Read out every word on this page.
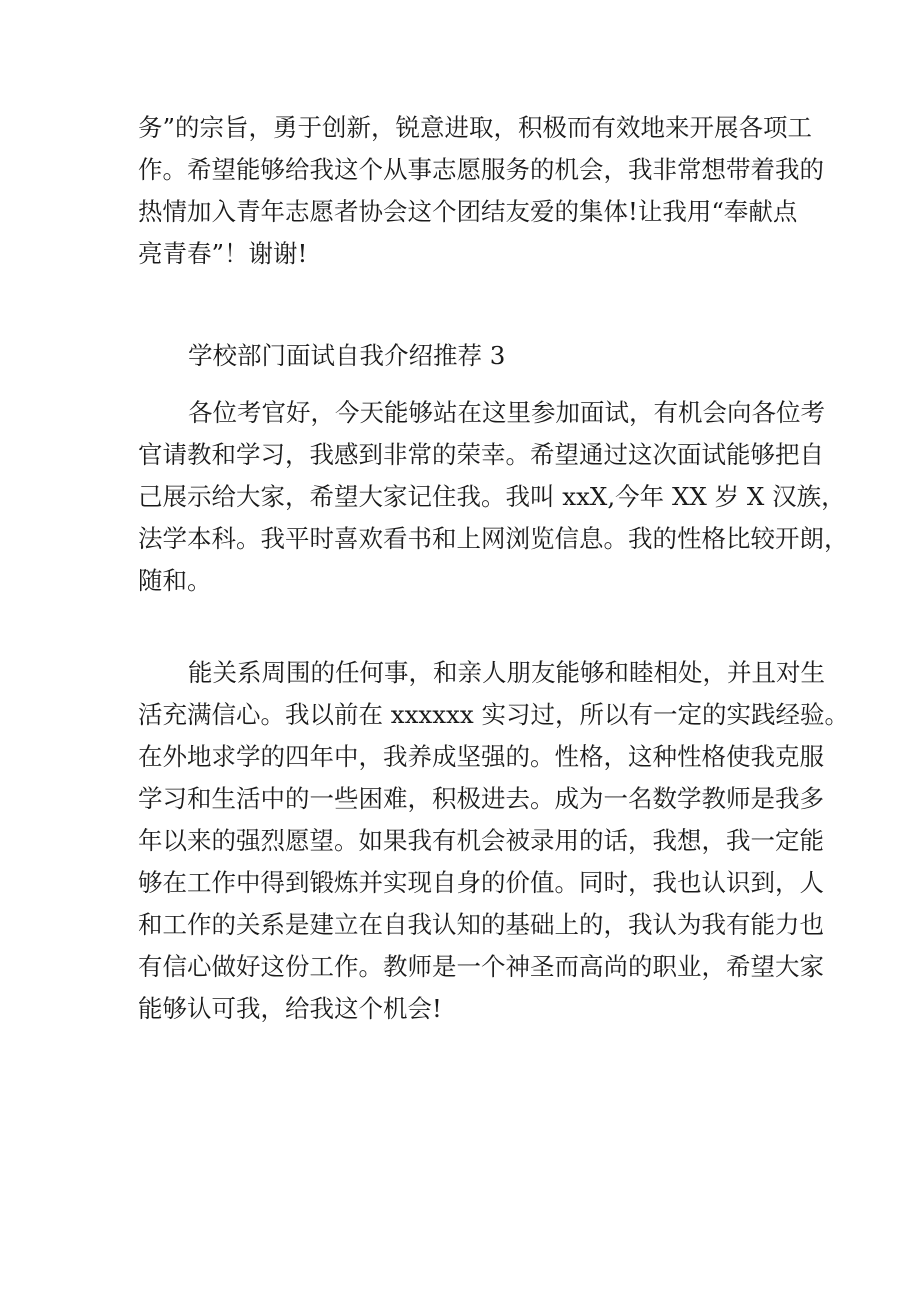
务”的宗旨，勇于创新，锐意进取，积极而有效地来开展各项工
作。希望能够给我这个从事志愿服务的机会，我非常想带着我的
热情加入青年志愿者协会这个团结友爱的集体!让我用“奉献点
亮青春”！谢谢!
学校部门面试自我介绍推荐 3
各位考官好，今天能够站在这里参加面试，有机会向各位考
官请教和学习，我感到非常的荣幸。希望通过这次面试能够把自
己展示给大家，希望大家记住我。我叫 xxX,今年 XX 岁 X 汉族，
法学本科。我平时喜欢看书和上网浏览信息。我的性格比较开朗，
随和。
能关系周围的任何事，和亲人朋友能够和睦相处，并且对生
活充满信心。我以前在 xxxxxx 实习过，所以有一定的实践经验。
在外地求学的四年中，我养成坚强的。性格，这种性格使我克服
学习和生活中的一些困难，积极进去。成为一名数学教师是我多
年以来的强烈愿望。如果我有机会被录用的话，我想，我一定能
够在工作中得到锻炼并实现自身的价值。同时，我也认识到，人
和工作的关系是建立在自我认知的基础上的，我认为我有能力也
有信心做好这份工作。教师是一个神圣而高尚的职业，希望大家
能够认可我，给我这个机会!
